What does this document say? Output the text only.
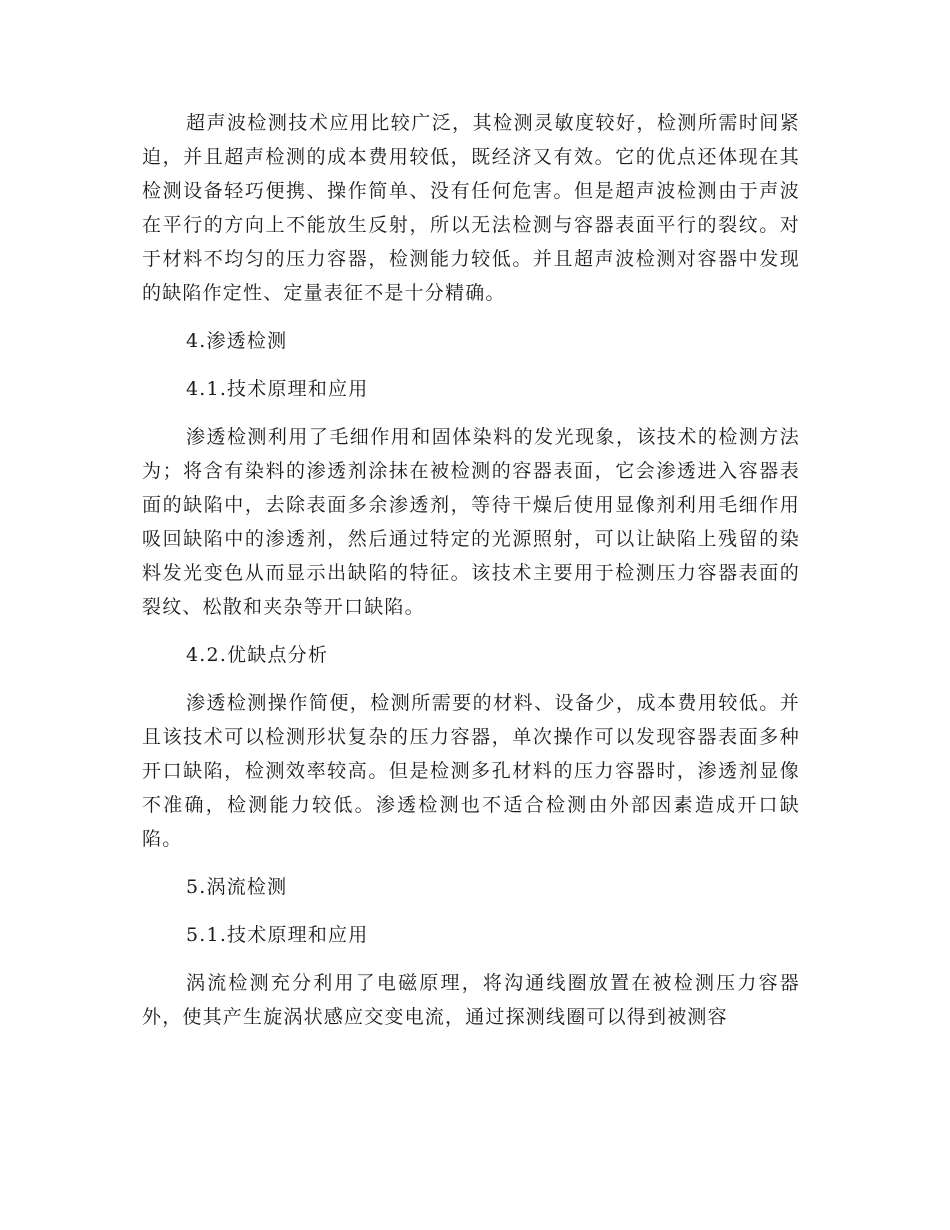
超声波检测技术应用比较广泛，其检测灵敏度较好，检测所需时间紧迫，并且超声检测的成本费用较低，既经济又有效。它的优点还体现在其检测设备轻巧便携、操作简单、没有任何危害。但是超声波检测由于声波在平行的方向上不能放生反射，所以无法检测与容器表面平行的裂纹。对于材料不均匀的压力容器，检测能力较低。并且超声波检测对容器中发现的缺陷作定性、定量表征不是十分精确。

4.渗透检测

4.1.技术原理和应用

渗透检测利用了毛细作用和固体染料的发光现象，该技术的检测方法为；将含有染料的渗透剂涂抹在被检测的容器表面，它会渗透进入容器表面的缺陷中，去除表面多余渗透剂，等待干燥后使用显像剂利用毛细作用吸回缺陷中的渗透剂，然后通过特定的光源照射，可以让缺陷上残留的染料发光变色从而显示出缺陷的特征。该技术主要用于检测压力容器表面的裂纹、松散和夹杂等开口缺陷。

4.2.优缺点分析

渗透检测操作简便，检测所需要的材料、设备少，成本费用较低。并且该技术可以检测形状复杂的压力容器，单次操作可以发现容器表面多种开口缺陷，检测效率较高。但是检测多孔材料的压力容器时，渗透剂显像不准确，检测能力较低。渗透检测也不适合检测由外部因素造成开口缺陷。

5.涡流检测

5.1.技术原理和应用

涡流检测充分利用了电磁原理，将沟通线圈放置在被检测压力容器外，使其产生旋涡状感应交变电流，通过探测线圈可以得到被测容
